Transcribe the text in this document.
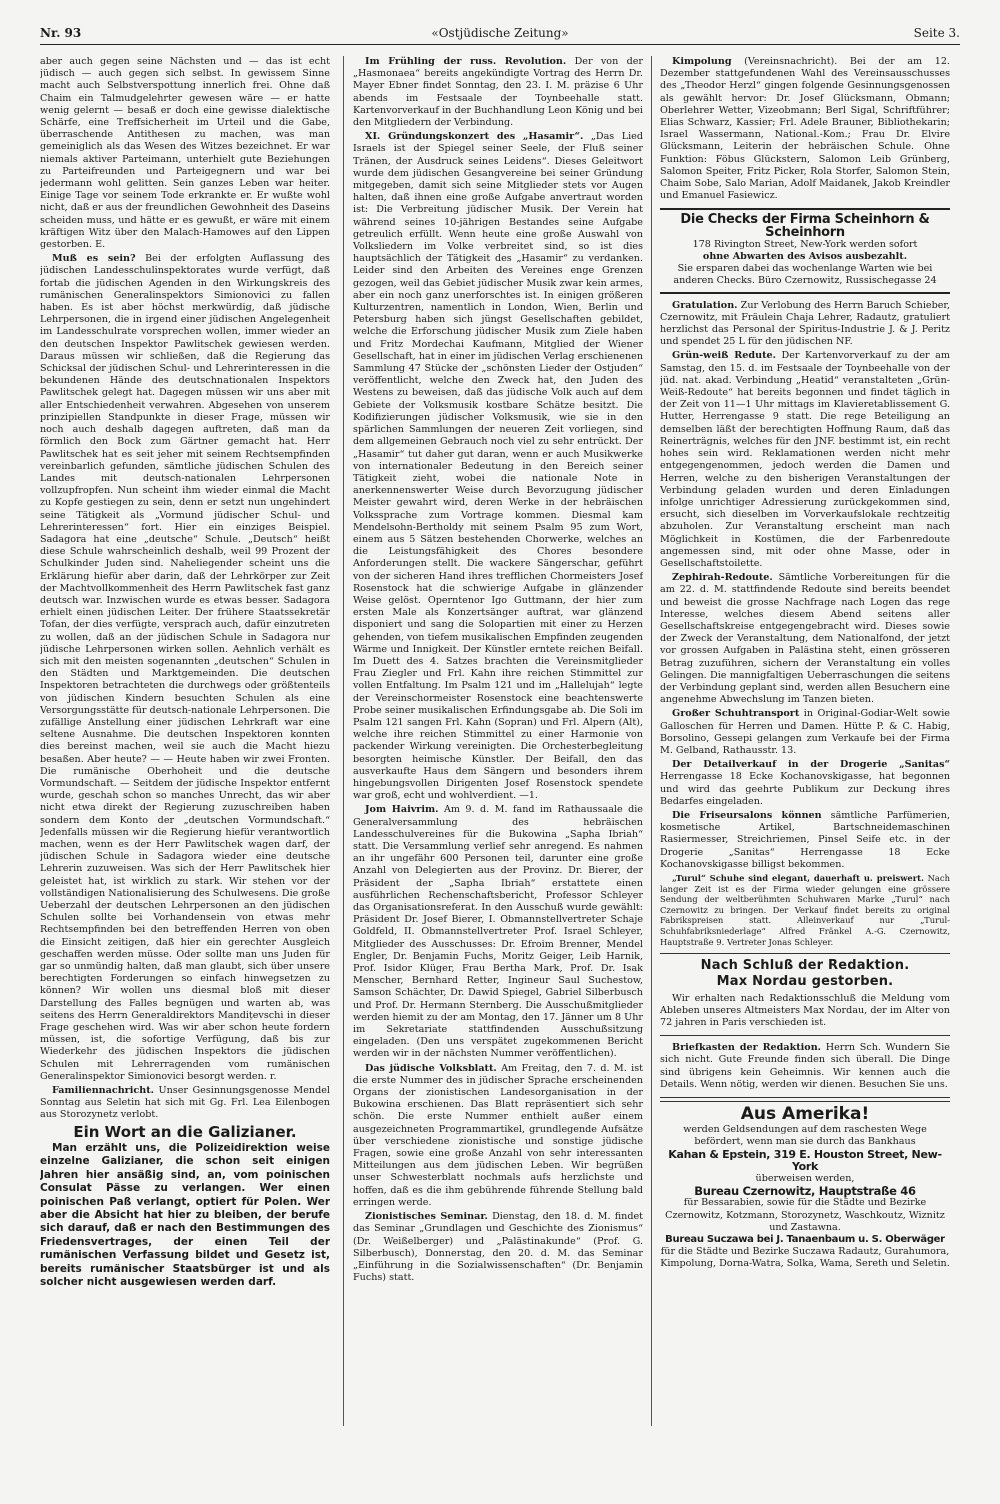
Nr. 93	«Ostjüdische Zeitung»	Seite 3.

aber auch gegen seine Nächsten und — das ist echt jüdisch — auch gegen sich selbst. In gewissem Sinne macht auch Selbstverspottung innerlich frei. Ohne daß Chaim ein Talmudgelehrter gewesen wäre — er hatte wenig gelernt — besaß er doch eine gewisse dialektische Schärfe, eine Treffsicherheit im Urteil und die Gabe, überraschende Antithesen zu machen, was man gemeiniglich als das Wesen des Witzes bezeichnet. Er war niemals aktiver Parteimann, unterhielt gute Beziehungen zu Parteifreunden und Parteigegnern und war bei jedermann wohl gelitten. Sein ganzes Leben war heiter. Einige Tage vor seinem Tode erkrankte er. Er wußte wohl nicht, daß er aus der freundlichen Gewohnheit des Daseins scheiden muss, und hätte er es gewußt, er wäre mit einem kräftigen Witz über den Malach-Hamowes auf den Lippen gestorben. E.

Muß es sein? Bei der erfolgten Auflassung des jüdischen Landesschulinspektorates wurde verfügt, daß fortab die jüdischen Agenden in den Wirkungskreis des rumänischen Generalinspektors Simionovici zu fallen haben. Es ist aber höchst merkwürdig, daß jüdische Lehrpersonen, die in irgend einer jüdischen Angelegenheit im Landesschulrate vorsprechen wollen, immer wieder an den deutschen Inspektor Pawlitschek gewiesen werden. Daraus müssen wir schließen, daß die Regierung das Schicksal der jüdischen Schul- und Lehrerinteressen in die bekundenen Hände des deutschnationalen Inspektors Pawlitschek gelegt hat. Dagegen müssen wir uns aber mit aller Entschiedenheit verwahren. Abgesehen von unserem prinzipiellen Standpunkte in dieser Frage, müssen wir noch auch deshalb dagegen auftreten, daß man da förmlich den Bock zum Gärtner gemacht hat. Herr Pawlitschek hat es seit jeher mit seinem Rechtsempfinden vereinbarlich gefunden, sämtliche jüdischen Schulen des Landes mit deutsch-nationalen Lehrpersonen vollzupfropfen. Nun scheint ihm wieder einmal die Macht zu Kopfe gestiegen zu sein, denn er setzt nun ungehindert seine Tätigkeit als „Vormund jüdischer Schul- und Lehrerinteressen“ fort. Hier ein einziges Beispiel. Sadagora hat eine „deutsche“ Schule. „Deutsch“ heißt diese Schule wahrscheinlich deshalb, weil 99 Prozent der Schulkinder Juden sind. Naheliegender scheint uns die Erklärung hiefür aber darin, daß der Lehrkörper zur Zeit der Machtvollkommenheit des Herrn Pawlitschek fast ganz deutsch war. Inzwischen wurde es etwas besser. Sadagora erhielt einen jüdischen Leiter. Der frühere Staatssekretär Tofan, der dies verfügte, versprach auch, dafür einzutreten zu wollen, daß an der jüdischen Schule in Sadagora nur jüdische Lehrpersonen wirken sollen. Aehnlich verhält es sich mit den meisten sogenannten „deutschen“ Schulen in den Städten und Marktgemeinden. Die deutschen Inspektoren betrachteten die durchwegs oder größtenteils von jüdischen Kindern besuchten Schulen als eine Versorgungsstätte für deutsch-nationale Lehrpersonen. Die zufällige Anstellung einer jüdischen Lehrkraft war eine seltene Ausnahme. Die deutschen Inspektoren konnten dies bereinst machen, weil sie auch die Macht hiezu besaßen. Aber heute? — — Heute haben wir zwei Fronten. Die rumänische Oberhoheit und die deutsche Vormundschaft. — Seitdem der jüdische Inspektor entfernt wurde, geschah schon so manches Unrecht, das wir aber nicht etwa direkt der Regierung zuzuschreiben haben sondern dem Konto der „deutschen Vormundschaft.“ Jedenfalls müssen wir die Regierung hiefür verantwortlich machen, wenn es der Herr Pawlitschek wagen darf, der jüdischen Schule in Sadagora wieder eine deutsche Lehrerin zuzuweisen. Was sich der Herr Pawlitschek hier geleistet hat, ist wirklich zu stark. Wir stehen vor der vollständigen Nationalisierung des Schulwesens. Die große Ueberzahl der deutschen Lehrpersonen an den jüdischen Schulen sollte bei Vorhandensein von etwas mehr Rechtsempfinden bei den betreffenden Herren von oben die Einsicht zeitigen, daß hier ein gerechter Ausgleich geschaffen werden müsse. Oder sollte man uns Juden für gar so unmündig halten, daß man glaubt, sich über unsere berechtigten Forderungen so einfach hinwegsetzen zu können? Wir wollen uns diesmal bloß mit dieser Darstellung des Falles begnügen und warten ab, was seitens des Herrn Generaldirektors Mandițevschi in dieser Frage geschehen wird. Was wir aber schon heute fordern müssen, ist, die sofortige Verfügung, daß bis zur Wiederkehr des jüdischen Inspektors die jüdischen Schulen mit Lehrerragenden vom rumänischen Generalinspektor Simionovici besorgt werden. r.

Familiennachricht. Unser Gesinnungsgenosse Mendel Sonntag aus Seletin hat sich mit Gg. Frl. Lea Eilenbogen aus Storozynetz verlobt.

Ein Wort an die Galizianer.

Man erzählt uns, die Polizeidirektion weise einzelne Galizianer, die schon seit einigen Jahren hier ansäßig sind, an, vom poinischen Consulat Pässe zu verlangen. Wer einen poinischen Paß verlangt, optiert für Polen. Wer aber die Absicht hat hier zu bleiben, der berufe sich darauf, daß er nach den Bestimmungen des Friedensvertrages, der einen Teil der rumänischen Verfassung bildet und Gesetz ist, bereits rumänischer Staatsbürger ist und als solcher nicht ausgewiesen werden darf.

Im Frühling der russ. Revolution. Der von der „Hasmonaea“ bereits angekündigte Vortrag des Herrn Dr. Mayer Ebner findet Sonntag, den 23. I. M. präzise 6 Uhr abends im Festsaale der Toynbeehalle statt. Kartenvorverkauf in der Buchhandlung Leon König und bei den Mitgliedern der Verbindung.

XI. Gründungskonzert des „Hasamir“. „Das Lied Israels ist der Spiegel seiner Seele, der Fluß seiner Tränen, der Ausdruck seines Leidens“. Dieses Geleitwort wurde dem jüdischen Gesangvereine bei seiner Gründung mitgegeben, damit sich seine Mitglieder stets vor Augen halten, daß ihnen eine große Aufgabe anvertraut worden ist: Die Verbreitung jüdischer Musik. Der Verein hat während seines 10-jährigen Bestandes seine Aufgabe getreulich erfüllt. Wenn heute eine große Auswahl von Volksliedern im Volke verbreitet sind, so ist dies hauptsächlich der Tätigkeit des „Hasamir“ zu verdanken. Leider sind den Arbeiten des Vereines enge Grenzen gezogen, weil das Gebiet jüdischer Musik zwar kein armes, aber ein noch ganz unerforschtes ist. In einigen größeren Kulturzentren, namentlich in London, Wien, Berlin und Petersburg haben sich jüngst Gesellschaften gebildet, welche die Erforschung jüdischer Musik zum Ziele haben und Fritz Mordechai Kaufmann, Mitglied der Wiener Gesellschaft, hat in einer im jüdischen Verlag erschienenen Sammlung 47 Stücke der „schönsten Lieder der Ostjuden“ veröffentlicht, welche den Zweck hat, den Juden des Westens zu beweisen, daß das jüdische Volk auch auf dem Gebiete der Volksmusik kostbare Schätze besitzt. Die Kodifizierungen jüdischer Volksmusik, wie sie in den spärlichen Sammlungen der neueren Zeit vorliegen, sind dem allgemeinen Gebrauch noch viel zu sehr entrückt. Der „Hasamir“ tut daher gut daran, wenn er auch Musikwerke von internationaler Bedeutung in den Bereich seiner Tätigkeit zieht, wobei die nationale Note in anerkennenswerter Weise durch Bevorzugung jüdischer Meister gewahrt wird, deren Werke in der hebräischen Volkssprache zum Vortrage kommen. Diesmal kam Mendelsohn-Bertholdy mit seinem Psalm 95 zum Wort, einem aus 5 Sätzen bestehenden Chorwerke, welches an die Leistungsfähigkeit des Chores besondere Anforderungen stellt. Die wackere Sängerschar, geführt von der sicheren Hand ihres trefflichen Chormeisters Josef Rosenstock hat die schwierige Aufgabe in glänzender Weise gelöst. Operntenor Igo Guttmann, der hier zum ersten Male als Konzertsänger auftrat, war glänzend disponiert und sang die Solopartien mit einer zu Herzen gehenden, von tiefem musikalischen Empfinden zeugenden Wärme und Innigkeit. Der Künstler erntete reichen Beifall. Im Duett des 4. Satzes brachten die Vereinsmitglieder Frau Ziegler und Frl. Kahn ihre reichen Stimmittel zur vollen Entfaltung. Im Psalm 121 und im „Hallelujah“ legte der Vereinschormeister Rosenstock eine beachtenswerte Probe seiner musikalischen Erfindungsgabe ab. Die Soli im Psalm 121 sangen Frl. Kahn (Sopran) und Frl. Alpern (Alt), welche ihre reichen Stimmittel zu einer Harmonie von packender Wirkung vereinigten. Die Orchesterbegleitung besorgten heimische Künstler. Der Beifall, den das ausverkaufte Haus dem Sängern und besonders ihrem hingebungsvollen Dirigenten Josef Rosenstock spendete war groß, echt und wohlverdient. —1.

Jom Haivrim. Am 9. d. M. fand im Rathaussaale die Generalversammlung des hebräischen Landesschulvereines für die Bukowina „Sapha Ibriah“ statt. Die Versammlung verlief sehr anregend. Es nahmen an ihr ungefähr 600 Personen teil, darunter eine große Anzahl von Delegierten aus der Provinz. Dr. Bierer, der Präsident der „Sapha Ibriah“ erstattete einen ausführlichen Rechenschaftsbericht, Professor Schleyer das Organisationsreferat. In den Ausschuß wurde gewählt: Präsident Dr. Josef Bierer, I. Obmannstellvertreter Schaje Goldfeld, II. Obmannstellvertreter Prof. Israel Schleyer, Mitglieder des Ausschusses: Dr. Efroim Brenner, Mendel Engler, Dr. Benjamin Fuchs, Moritz Geiger, Leib Harnik, Prof. Isidor Klüger, Frau Bertha Mark, Prof. Dr. Isak Menscher, Bernhard Retter, Ingineur Saul Suchestow, Samson Schächter, Dr. Dawid Spiegel, Gabriel Silberbusch und Prof. Dr. Hermann Sternberg. Die Ausschußmitglieder werden hiemit zu der am Montag, den 17. Jänner um 8 Uhr im Sekretariate stattfindenden Ausschußsitzung eingeladen. (Den uns verspätet zugekommenen Bericht werden wir in der nächsten Nummer veröffentlichen).

Das jüdische Volksblatt. Am Freitag, den 7. d. M. ist die erste Nummer des in jüdischer Sprache erscheinenden Organs der zionistischen Landesorganisation in der Bukowina erschienen. Das Blatt repräsentiert sich sehr schön. Die erste Nummer enthielt außer einem ausgezeichneten Programmartikel, grundlegende Aufsätze über verschiedene zionistische und sonstige jüdische Fragen, sowie eine große Anzahl von sehr interessanten Mitteilungen aus dem jüdischen Leben. Wir begrüßen unser Schwesterblatt nochmals aufs herzlichste und hoffen, daß es die ihm gebührende führende Stellung bald erringen werde.

Zionistisches Seminar. Dienstag, den 18. d. M. findet das Seminar „Grundlagen und Geschichte des Zionismus“ (Dr. Weißelberger) und „Palästinakunde“ (Prof. G. Silberbusch), Donnerstag, den 20. d. M. das Seminar „Einführung in die Sozialwissenschaften“ (Dr. Benjamin Fuchs) statt.

Kimpolung (Vereinsnachricht). Bei der am 12. Dezember stattgefundenen Wahl des Vereinsausschusses des „Theodor Herzl“ gingen folgende Gesinnungsgenossen als gewählt hervor: Dr. Josef Glücksmann, Obmann; Oberlehrer Wetter, Vizeobmann; Berl Sigal, Schriftführer; Elias Schwarz, Kassier; Frl. Adele Brauner, Bibliothekarin; Israel Wassermann, National.-Kom.; Frau Dr. Elvire Glücksmann, Leiterin der hebräischen Schule. Ohne Funktion: Föbus Glückstern, Salomon Leib Grünberg, Salomon Speiter, Fritz Picker, Rola Storfer, Salomon Stein, Chaim Sobe, Salo Marian, Adolf Maidanek, Jakob Kreindler und Emanuel Fasiewicz.

Die Checks der Firma Scheinhorn & Scheinhorn
178 Rivington Street, New-York werden sofort
ohne Abwarten des Avisos ausbezahlt.
Sie ersparen dabei das wochenlange Warten wie bei anderen Checks. Büro Czernowitz, Russischegasse 24

Gratulation. Zur Verlobung des Herrn Baruch Schieber, Czernowitz, mit Fräulein Chaja Lehrer, Radautz, gratuliert herzlichst das Personal der Spiritus-Industrie J. & J. Peritz und spendet 25 L für den jüdischen NF.

Grün-weiß Redute. Der Kartenvorverkauf zu der am Samstag, den 15. d. im Festsaale der Toynbeehalle von der jüd. nat. akad. Verbindung „Heatid“ veranstalteten „Grün-Weiß-Redoute“ hat bereits begonnen und findet täglich in der Zeit von 11—1 Uhr mittags im Klavieretablissement G. Hutter, Herrengasse 9 statt. Die rege Beteiligung an demselben läßt der berechtigten Hoffnung Raum, daß das Reinerträgnis, welches für den JNF. bestimmt ist, ein recht hohes sein wird. Reklamationen werden nicht mehr entgegengenommen, jedoch werden die Damen und Herren, welche zu den bisherigen Veranstaltungen der Verbindung geladen wurden und deren Einladungen infolge unrichtiger Adressierung zurückgekommen sind, ersucht, sich dieselben im Vorverkaufslokale rechtzeitig abzuholen. Zur Veranstaltung erscheint man nach Möglichkeit in Kostümen, die der Farbenredoute angemessen sind, mit oder ohne Masse, oder in Gesellschaftstoilette.

Zephirah-Redoute. Sämtliche Vorbereitungen für die am 22. d. M. stattfindende Redoute sind bereits beendet und beweist die grosse Nachfrage nach Logen das rege Interesse, welches diesem Abend seitens aller Gesellschaftskreise entgegengebracht wird. Dieses sowie der Zweck der Veranstaltung, dem Nationalfond, der jetzt vor grossen Aufgaben in Palästina steht, einen grösseren Betrag zuzuführen, sichern der Veranstaltung ein volles Gelingen. Die mannigfaltigen Ueberraschungen die seitens der Verbindung geplant sind, werden allen Besuchern eine angenehme Abwechslung im Tanzen bieten.

Großer Schuhtransport in Original-Godiar-Welt sowie Galloschen für Herren und Damen. Hütte P. & C. Habig, Borsolino, Gessepi gelangen zum Verkaufe bei der Firma M. Gelband, Rathausstr. 13.

Der Detailverkauf in der Drogerie „Sanitas“ Herrengasse 18 Ecke Kochanovskigasse, hat begonnen und wird das geehrte Publikum zur Deckung ihres Bedarfes eingeladen.

Die Friseursalons können sämtliche Parfümerien, kosmetische Artikel, Bartschneidemaschinen Rasiermesser, Streichriemen, Pinsel Seife etc. in der Drogerie „Sanitas“ Herrengasse 18 Ecke Kochanovskigasse billigst bekommen.

„Turul“ Schuhe sind elegant, dauerhaft u. preiswert. Nach langer Zeit ist es der Firma wieder gelungen eine grössere Sendung der weltberühmten Schuhwaren Marke „Turul“ nach Czernowitz zu bringen. Der Verkauf findet bereits zu original Fabrikspreisen statt. Alleinverkauf nur „Turul-Schuhfabriksniederlage“ Alfred Fränkel A.-G. Czernowitz, Hauptstraße 9. Vertreter Jonas Schleyer.

Nach Schluß der Redaktion.
Max Nordau gestorben.

Wir erhalten nach Redaktionsschluß die Meldung vom Ableben unseres Altmeisters Max Nordau, der im Alter von 72 jahren in Paris verschieden ist.

Briefkasten der Redaktion. Herrn Sch. Wundern Sie sich nicht. Gute Freunde finden sich überall. Die Dinge sind übrigens kein Geheimnis. Wir kennen auch die Details. Wenn nötig, werden wir dienen. Besuchen Sie uns.

Aus Amerika!
werden Geldsendungen auf dem raschesten Wege befördert, wenn man sie durch das Bankhaus
Kahan & Epstein, 319 E. Houston Street, New-York
überweisen werden,
Bureau Czernowitz, Hauptstraße 46
für Bessarabien, sowie für die Städte und Bezirke Czernowitz, Kotzmann, Storozynetz, Waschkoutz, Wiznitz und Zastawna.
Bureau Suczawa bei J. Tanaenbaum u. S. Oberwäger
für die Städte und Bezirke Suczawa Radautz, Gurahumora, Kimpolung, Dorna-Watra, Solka, Wama, Sereth und Seletin.
